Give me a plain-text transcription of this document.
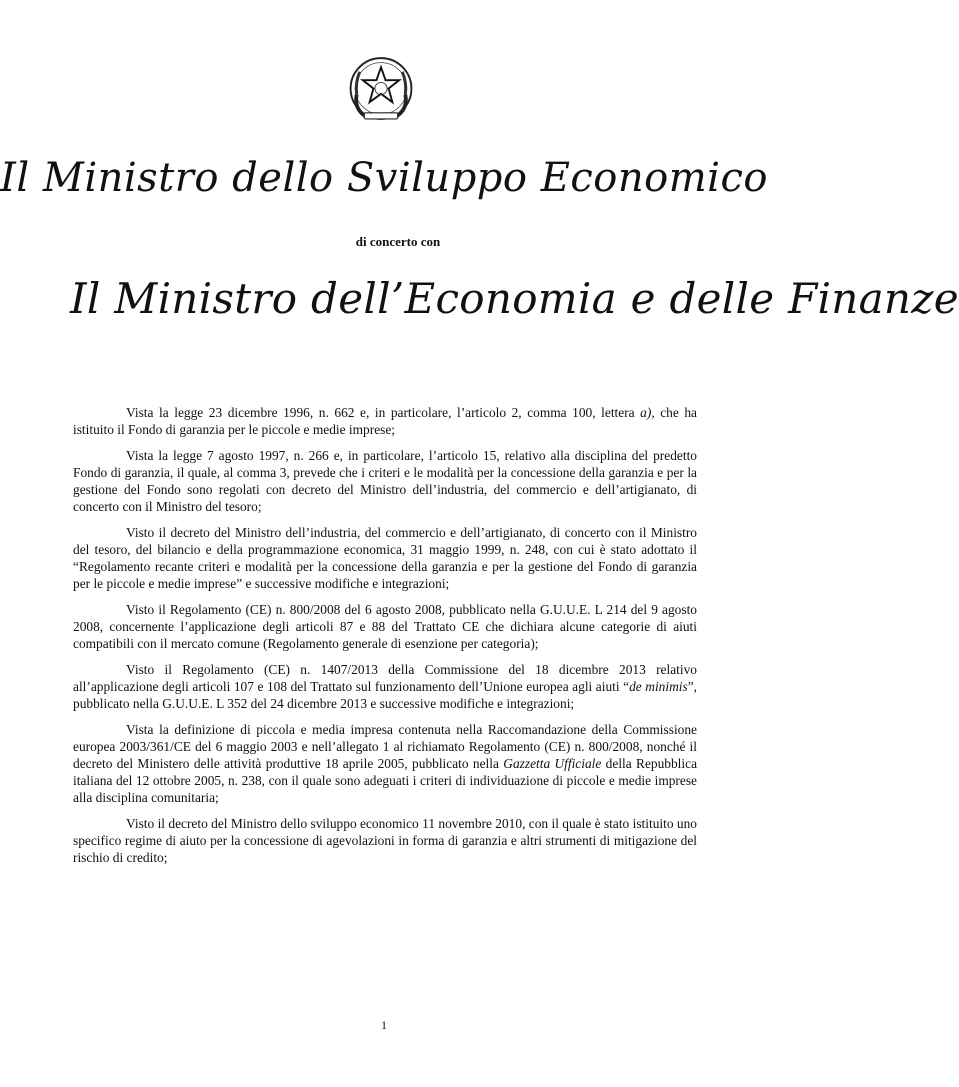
Il Ministro dello Sviluppo Economico
di concerto con
Il Ministro dell’Economia e delle Finanze

Vista la legge 23 dicembre 1996, n. 662 e, in particolare, l’articolo 2, comma 100, lettera a), che ha istituito il Fondo di garanzia per le piccole e medie imprese;

Vista la legge 7 agosto 1997, n. 266 e, in particolare, l’articolo 15, relativo alla disciplina del predetto Fondo di garanzia, il quale, al comma 3, prevede che i criteri e le modalità per la concessione della garanzia e per la gestione del Fondo sono regolati con decreto del Ministro dell’industria, del commercio e dell’artigianato, di concerto con il Ministro del tesoro;

Visto il decreto del Ministro dell’industria, del commercio e dell’artigianato, di concerto con il Ministro del tesoro, del bilancio e della programmazione economica, 31 maggio 1999, n. 248, con cui è stato adottato il “Regolamento recante criteri e modalità per la concessione della garanzia e per la gestione del Fondo di garanzia per le piccole e medie imprese” e successive modifiche e integrazioni;

Visto il Regolamento (CE) n. 800/2008 del 6 agosto 2008, pubblicato nella G.U.U.E. L 214 del 9 agosto 2008, concernente l’applicazione degli articoli 87 e 88 del Trattato CE che dichiara alcune categorie di aiuti compatibili con il mercato comune (Regolamento generale di esenzione per categoria);

Visto il Regolamento (CE) n. 1407/2013 della Commissione del 18 dicembre 2013 relativo all’applicazione degli articoli 107 e 108 del Trattato sul funzionamento dell’Unione europea agli aiuti “de minimis”, pubblicato nella G.U.U.E. L 352 del 24 dicembre 2013 e successive modifiche e integrazioni;

Vista la definizione di piccola e media impresa contenuta nella Raccomandazione della Commissione europea 2003/361/CE del 6 maggio 2003 e nell’allegato 1 al richiamato Regolamento (CE) n. 800/2008, nonché il decreto del Ministero delle attività produttive 18 aprile 2005, pubblicato nella Gazzetta Ufficiale della Repubblica italiana del 12 ottobre 2005, n. 238, con il quale sono adeguati i criteri di individuazione di piccole e medie imprese alla disciplina comunitaria;

Visto il decreto del Ministro dello sviluppo economico 11 novembre 2010, con il quale è stato istituito uno specifico regime di aiuto per la concessione di agevolazioni in forma di garanzia e altri strumenti di mitigazione del rischio di credito;

1
